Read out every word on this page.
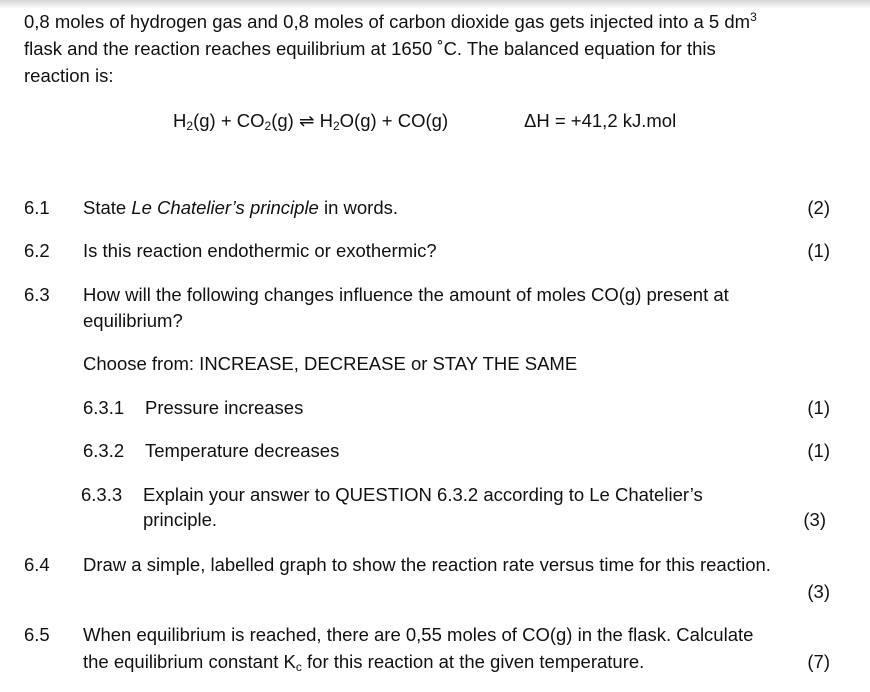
0,8 moles of hydrogen gas and 0,8 moles of carbon dioxide gas gets injected into a 5 $dm^3$
flask and the reaction reaches equilibrium at 1650 ˚C. The balanced equation for this
reaction is:
$H_2(g) + CO_2(g)$ ⇌ $H_2O(g) + CO(g)$	ΔH = +41,2 kJ.mol
6.1 State Le Chatelier’s principle in words.	(2)
6.2 Is this reaction endothermic or exothermic?	(1)
6.3 How will the following changes influence the amount of moles CO(g) present at
equilibrium?
Choose from: INCREASE, DECREASE or STAY THE SAME
6.3.1 Pressure increases	(1)
6.3.2 Temperature decreases	(1)
6.3.3 Explain your answer to QUESTION 6.3.2 according to Le Chatelier’s
principle.	(3)
6.4 Draw a simple, labelled graph to show the reaction rate versus time for this reaction.
(3)
6.5 When equilibrium is reached, there are 0,55 moles of CO(g) in the flask. Calculate
the equilibrium constant $K_c$ for this reaction at the given temperature.	(7)
